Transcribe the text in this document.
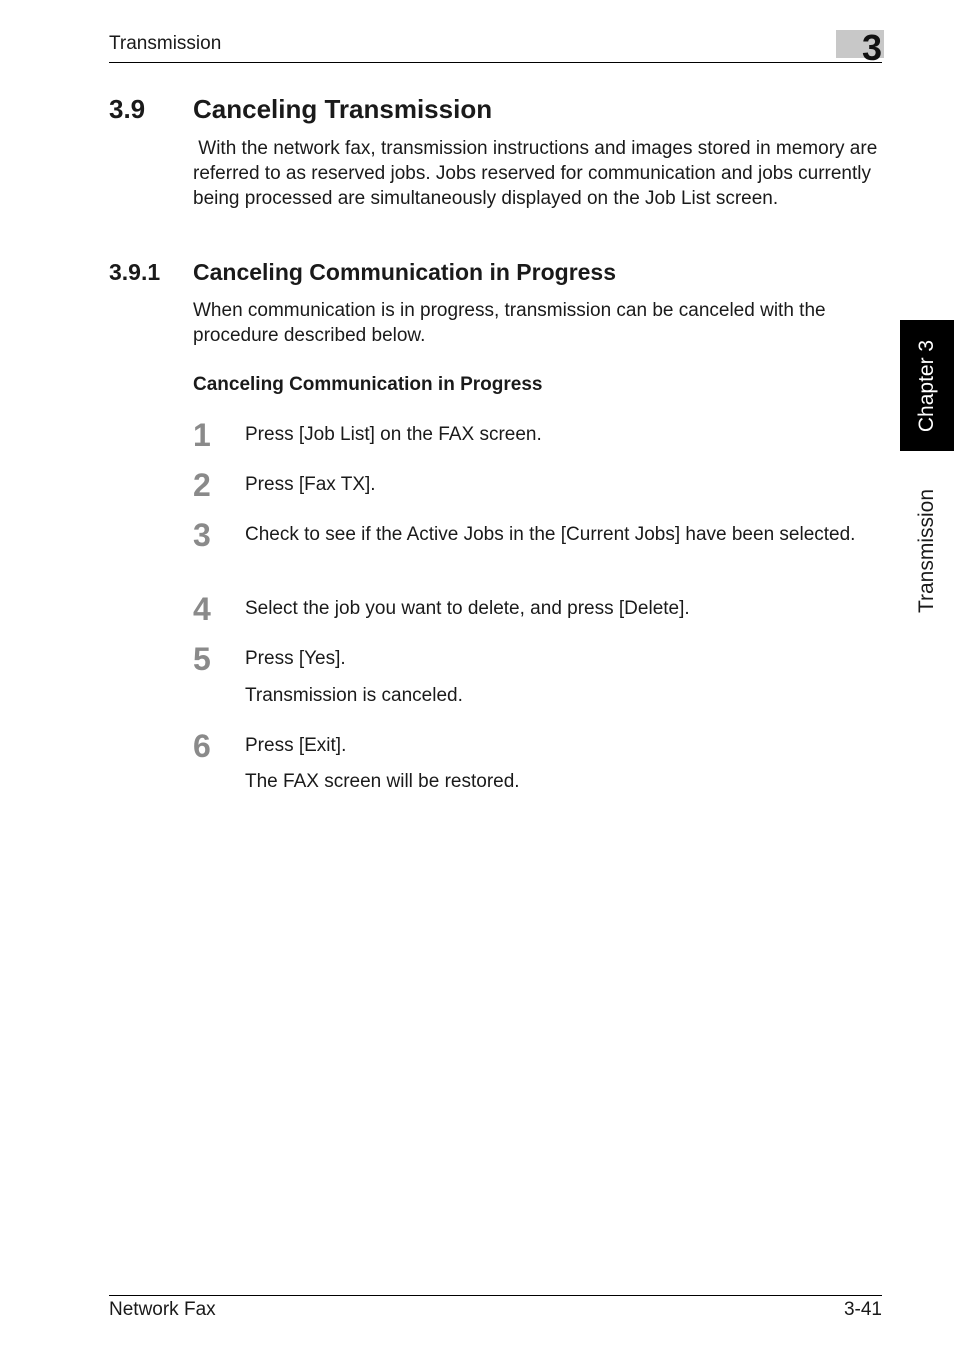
Transmission	3
3.9 Canceling Transmission

With the network fax, transmission instructions and images stored in memory are referred to as reserved jobs. Jobs reserved for communication and jobs currently being processed are simultaneously displayed on the Job List screen.

3.9.1 Canceling Communication in Progress

When communication is in progress, transmission can be canceled with the procedure described below.

Canceling Communication in Progress
1	Press [Job List] on the FAX screen.
2	Press [Fax TX].
3	Check to see if the Active Jobs in the [Current Jobs] have been selected.
4	Select the job you want to delete, and press [Delete].
5	Press [Yes].
Transmission is canceled.
6	Press [Exit].
The FAX screen will be restored.
Chapter 3
Transmission
Network Fax	3-41
